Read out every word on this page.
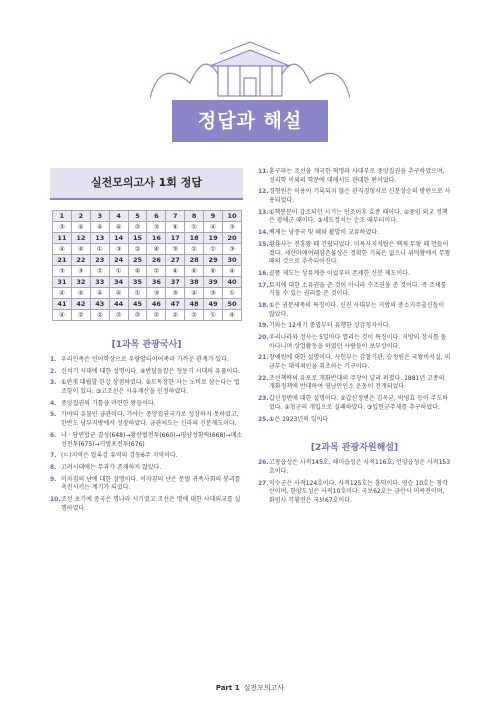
정답과 해설
실전모의고사 1회 정답
1	2	3	4	5	6	7	8	9	10
③	④	④	④	②	③	④	①	④	③
11	12	13	14	15	16	17	18	19	20
④	④	①	③	②	④	③	①	①	③
21	22	23	24	25	26	27	28	29	30
③	③	②	①	④	②	④	⑥	⑥	④
31	32	33	34	35	36	37	38	39	40
④	④	④	④	①	③	③	④	③	①
41	42	43	44	45	46	47	48	49	50
④	②	②	②	②	②	②	②	①	④
[1과목 관광국사]
1. 우리민족은 언어학상으로 우랄알타이어족과 가까운 관계가 있다.
2. 신석기 시대에 대한 설명이다. ④반달돌칼은 청동기 시대의 유물이다.
3. ①연개 대립할 한강 상점하였다. ②도독장한 자는 노비로 삼는다는 법조항이 있다. ③고조선은 사유재산을 인정하였다.
4. 중앙집권의 기틀을 마련한 왕들이다.
5. 가야의 유물인 금관이다. 가야는 중앙집권국가로 성장하지 못하였고, 한반도 남부지방에서 성장하였다. 금관처도는 신라의 신분제도이다.
6. 나 · 당연합군 결성(648)→황산벌전투(660)→평양성함락(668)→매소성전투(675)→기벌포전투(676)
7. (ㄷ)지역은 압록강 유역의 강동6주 지역이다.
8. 고려시대에는 무과가 존재하지 않았다.
9. 이자겸의 난에 대한 설명이다. 이자겸의 난은 문벌 귀족사회의 붕괴를 촉진시키는 계기가 되었다.
10. 조선 초기에 중국은 명나라 시기였고 조선은 명에 대한 사대외교를 실행하였다.
11. 훈구파는 조선을 개국한 혁명파 사대부로 중앙집권을 추구하였으며, 성리학 이외의 학문에 대해서도 관대한 편이었다.
12. 경형원은 이용이 기록되지 않은 관직경형서로 신분상승의 방편으로 사용되었다.
13. ①책봉문이 갑조되던 시기는 인조이후 효종 때이다. ②중임 외교 정책은 광해군 때이다. ③세도정치는 순조 때부터이다.
14. 백제는 남중국 및 왜와 활발히 교류하였다.
15. 황룡사는 진흥왕 때 건립되었다. 미륵사지석탑은 백제 무왕 때 만들어졌다. 세산마애여래삼존불상은 정확한 기록은 없으나 위덕왕에서 무왕 때의 것으로 추측되어진다.
16. 골품 제도는 상류계층 이었부터 존재한 신분 제도이다.
17. 토지에 대한 소유권을 준 것이 아니라 수조권을 준 것이다. 즉 조세를 거둘 수 있는 권리를 준 것이다.
18. ①은 권문세족의 특징이다. 신진 사대부는 지방의 중소지주출신들이 많았다.
19. 기와는 12세기 중엽부터 유행한 상감청자이다.
20. 우리나라와 정사는 5일마다 열리는 것이 특징이다. 지방의 장시를 돌아다니며 상업활동을 하였던 사람들이 보부상이다.
21. 장예원에 대한 설명이다. 사헌부는 감찰기관, 승정원은 국왕비서실, 의금부는 대역죄인을 취조하는 기구이다.
22. 조선책략의 유포로 개화반대의 주장이 널리 퍼졌다. 1881년 고종의 개화정책에 반대하여 영남만인소 운동이 전개되었다.
23. 갑신정변에 대한 설명이다. ①갑신정변은 김옥균, 박영효 등이 주도하였다. ②청군의 개입으로 실패하였다. ③입헌군주제를 추구하였다.
25. ①은 1923년의 일이다
[2과목 관광자원해설]
26. 고창읍성은 사적145호, 해미읍성은 사적116호, 언양읍성은 사적153호이다.
27. 익수군은 사적124호이다. 사적125호는 흥덕이다. 영승 10호는 창각산이며, 한양도성은 사적10호이다. 국보62호는 금산사 미륵전이며, 화엄사 각황전은 국보67호이다.
Part 1 실전모의고사
